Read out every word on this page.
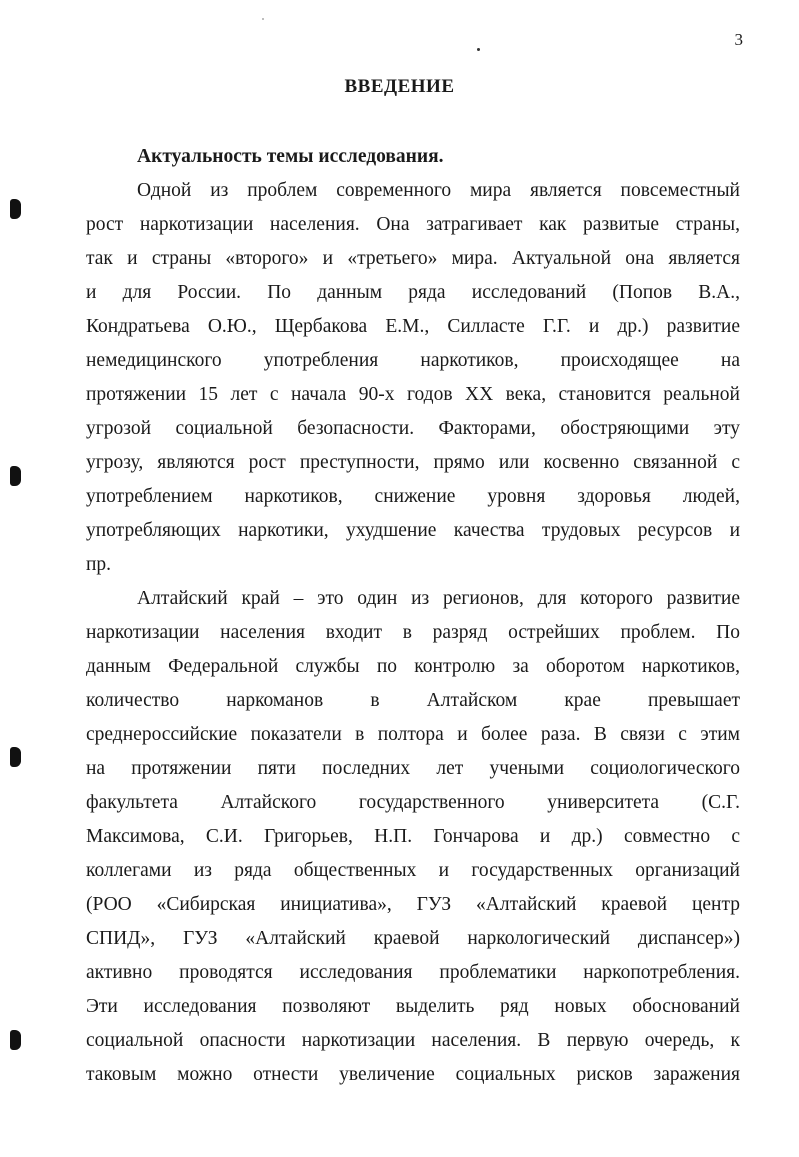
3
ВВЕДЕНИЕ
Актуальность темы исследования.
Одной из проблем современного мира является повсеместный
рост наркотизации населения. Она затрагивает как развитые страны,
так и страны «второго» и «третьего» мира. Актуальной она является
и для России. По данным ряда исследований (Попов В.А.,
Кондратьева О.Ю., Щербакова Е.М., Силласте Г.Г. и др.) развитие
немедицинского употребления наркотиков, происходящее на
протяжении 15 лет с начала 90-х годов XX века, становится реальной
угрозой социальной безопасности. Факторами, обостряющими эту
угрозу, являются рост преступности, прямо или косвенно связанной с
употреблением наркотиков, снижение уровня здоровья людей,
употребляющих наркотики, ухудшение качества трудовых ресурсов и
пр.
Алтайский край – это один из регионов, для которого развитие
наркотизации населения входит в разряд острейших проблем. По
данным Федеральной службы по контролю за оборотом наркотиков,
количество наркоманов в Алтайском крае превышает
среднероссийские показатели в полтора и более раза. В связи с этим
на протяжении пяти последних лет учеными социологического
факультета Алтайского государственного университета (С.Г.
Максимова, С.И. Григорьев, Н.П. Гончарова и др.) совместно с
коллегами из ряда общественных и государственных организаций
(РОО «Сибирская инициатива», ГУЗ «Алтайский краевой центр
СПИД», ГУЗ «Алтайский краевой наркологический диспансер»)
активно проводятся исследования проблематики наркопотребления.
Эти исследования позволяют выделить ряд новых обоснований
социальной опасности наркотизации населения. В первую очередь, к
таковым можно отнести увеличение социальных рисков заражения
